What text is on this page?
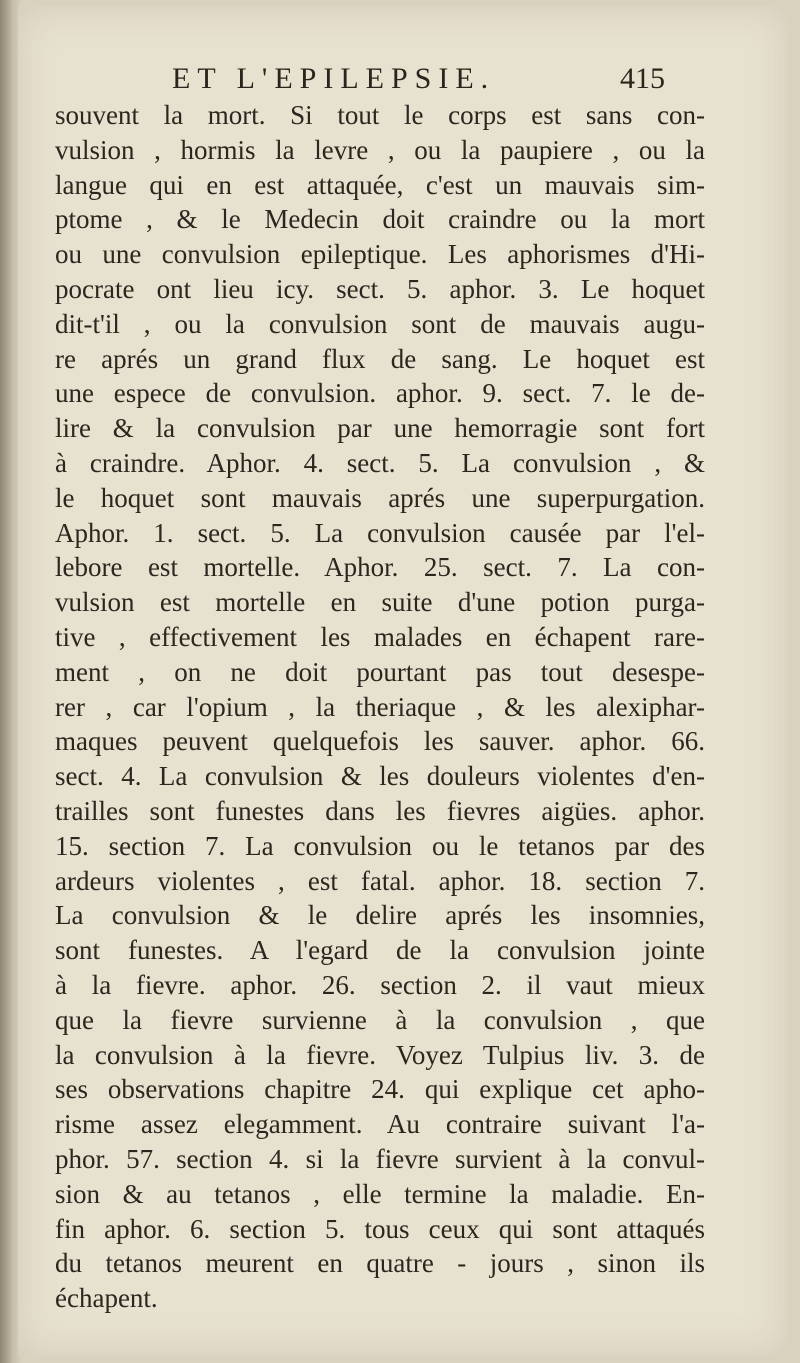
ET L'EPILEPSIE.	415
souvent la mort. Si tout le corps est sans con-
vulsion , hormis la levre , ou la paupiere , ou la
langue qui en est attaquée, c'est un mauvais sim-
ptome , & le Medecin doit craindre ou la mort
ou une convulsion epileptique. Les aphorismes d'Hi-
pocrate ont lieu icy. sect. 5. aphor. 3. Le hoquet
dit-t'il , ou la convulsion sont de mauvais augu-
re aprés un grand flux de sang. Le hoquet est
une espece de convulsion. aphor. 9. sect. 7. le de-
lire & la convulsion par une hemorragie sont fort
à craindre. Aphor. 4. sect. 5. La convulsion , &
le hoquet sont mauvais aprés une superpurgation.
Aphor. 1. sect. 5. La convulsion causée par l'el-
lebore est mortelle. Aphor. 25. sect. 7. La con-
vulsion est mortelle en suite d'une potion purga-
tive , effectivement les malades en échapent rare-
ment , on ne doit pourtant pas tout desespe-
rer , car l'opium , la theriaque , & les alexiphar-
maques peuvent quelquefois les sauver. aphor. 66.
sect. 4. La convulsion & les douleurs violentes d'en-
trailles sont funestes dans les fievres aigües. aphor.
15. section 7. La convulsion ou le tetanos par des
ardeurs violentes , est fatal. aphor. 18. section 7.
La convulsion & le delire aprés les insomnies,
sont funestes. A l'egard de la convulsion jointe
à la fievre. aphor. 26. section 2. il vaut mieux
que la fievre survienne à la convulsion , que
la convulsion à la fievre. Voyez Tulpius liv. 3. de
ses observations chapitre 24. qui explique cet apho-
risme assez elegamment. Au contraire suivant l'a-
phor. 57. section 4. si la fievre survient à la convul-
sion & au tetanos , elle termine la maladie. En-
fin aphor. 6. section 5. tous ceux qui sont attaqués
du tetanos meurent en quatre - jours , sinon ils
échapent.
